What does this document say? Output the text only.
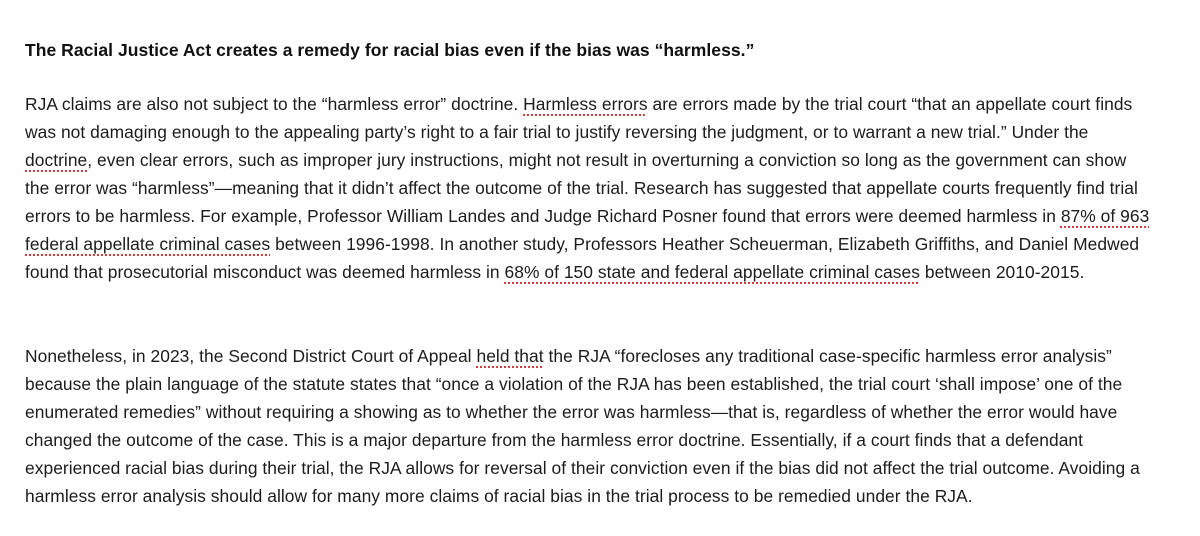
The Racial Justice Act creates a remedy for racial bias even if the bias was “harmless.”

RJA claims are also not subject to the “harmless error” doctrine. Harmless errors are errors made by the trial court “that an appellate court finds was not damaging enough to the appealing party’s right to a fair trial to justify reversing the judgment, or to warrant a new trial.” Under the doctrine, even clear errors, such as improper jury instructions, might not result in overturning a conviction so long as the government can show the error was “harmless”—meaning that it didn’t affect the outcome of the trial. Research has suggested that appellate courts frequently find trial errors to be harmless. For example, Professor William Landes and Judge Richard Posner found that errors were deemed harmless in 87% of 963 federal appellate criminal cases between 1996-1998. In another study, Professors Heather Scheuerman, Elizabeth Griffiths, and Daniel Medwed found that prosecutorial misconduct was deemed harmless in 68% of 150 state and federal appellate criminal cases between 2010-2015.

Nonetheless, in 2023, the Second District Court of Appeal held that the RJA “forecloses any traditional case-specific harmless error analysis” because the plain language of the statute states that “once a violation of the RJA has been established, the trial court ‘shall impose’ one of the enumerated remedies” without requiring a showing as to whether the error was harmless—that is, regardless of whether the error would have changed the outcome of the case. This is a major departure from the harmless error doctrine. Essentially, if a court finds that a defendant experienced racial bias during their trial, the RJA allows for reversal of their conviction even if the bias did not affect the trial outcome. Avoiding a harmless error analysis should allow for many more claims of racial bias in the trial process to be remedied under the RJA.
